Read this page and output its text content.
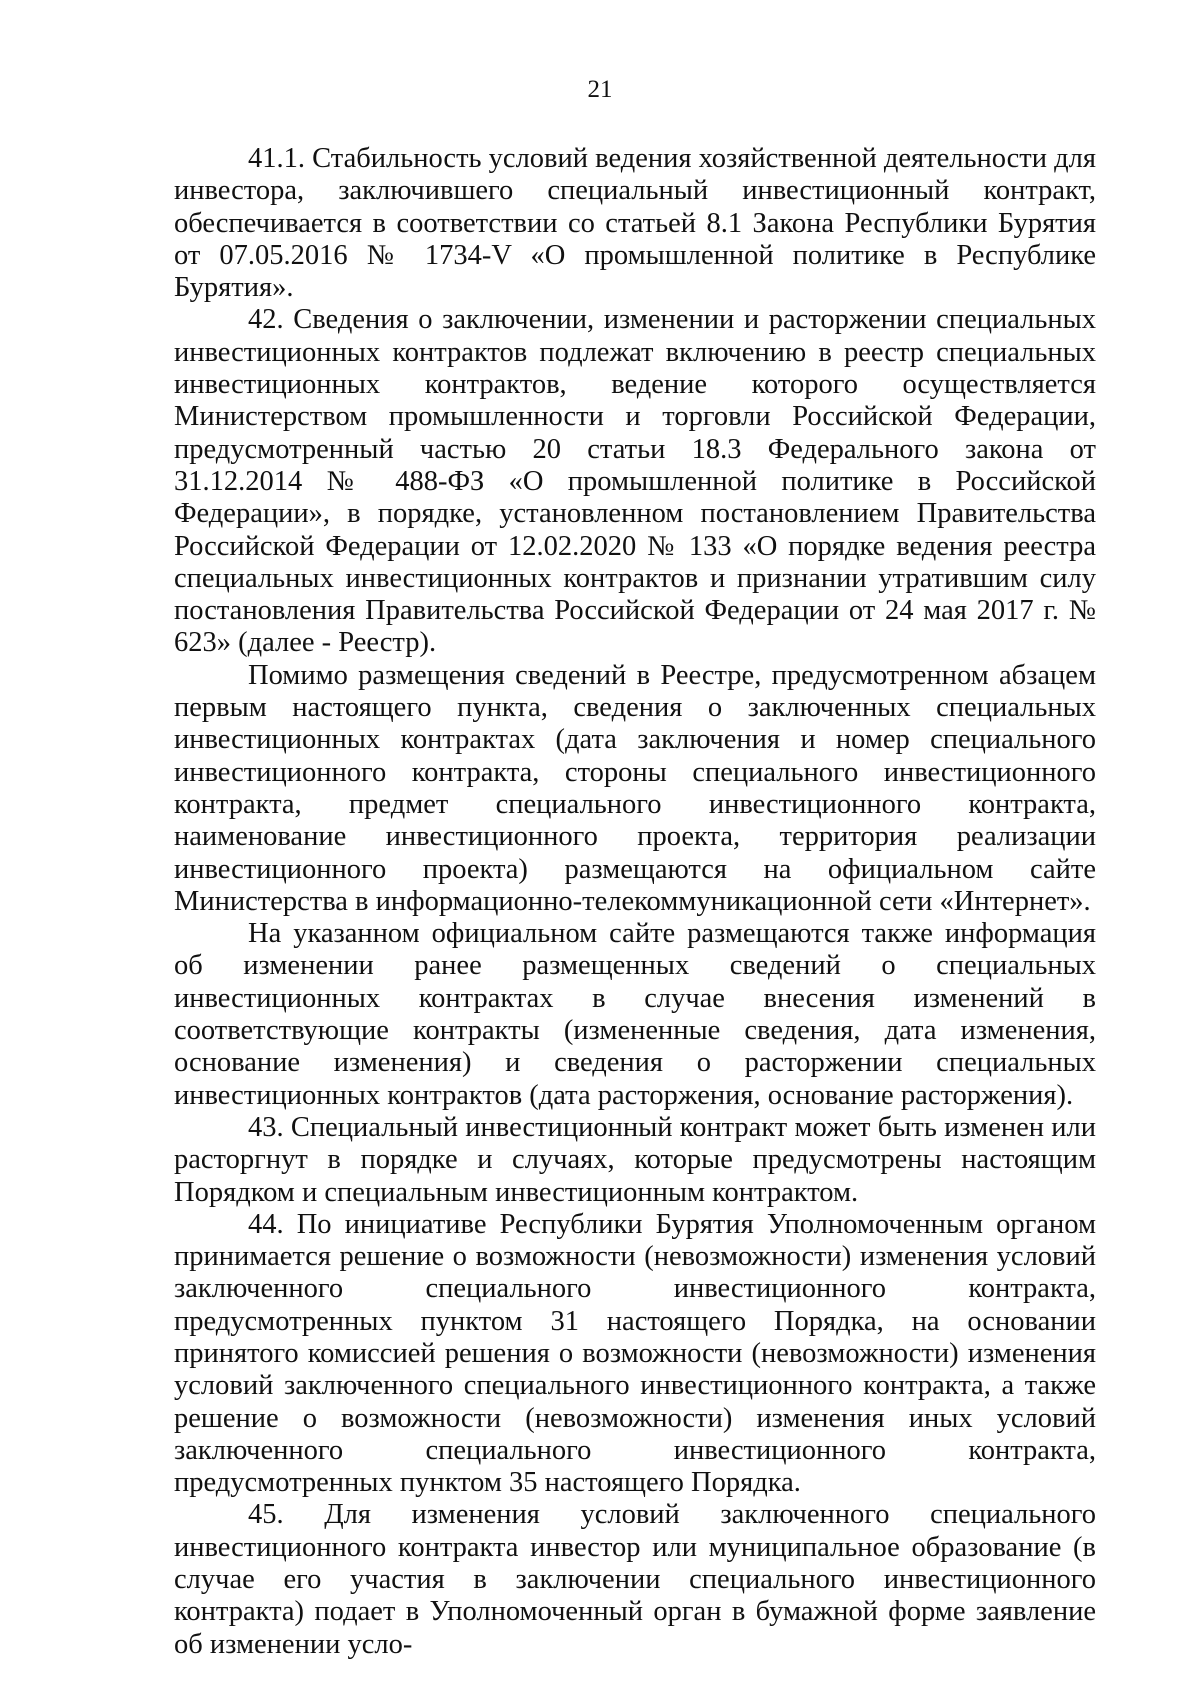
21

41.1. Стабильность условий ведения хозяйственной деятельности для инвестора, заключившего специальный инвестиционный контракт, обеспечивается в соответствии со статьей 8.1 Закона Республики Бурятия от 07.05.2016 № 1734-V «О промышленной политике в Республике Бурятия».

42. Сведения о заключении, изменении и расторжении специальных инвестиционных контрактов подлежат включению в реестр специальных инвестиционных контрактов, ведение которого осуществляется Министерством промышленности и торговли Российской Федерации, предусмотренный частью 20 статьи 18.3 Федерального закона от 31.12.2014 № 488-ФЗ «О промышленной политике в Российской Федерации», в порядке, установленном постановлением Правительства Российской Федерации от 12.02.2020 № 133 «О порядке ведения реестра специальных инвестиционных контрактов и признании утратившим силу постановления Правительства Российской Федерации от 24 мая 2017 г. № 623» (далее - Реестр).

Помимо размещения сведений в Реестре, предусмотренном абзацем первым настоящего пункта, сведения о заключенных специальных инвестиционных контрактах (дата заключения и номер специального инвестиционного контракта, стороны специального инвестиционного контракта, предмет специального инвестиционного контракта, наименование инвестиционного проекта, территория реализации инвестиционного проекта) размещаются на официальном сайте Министерства в информационно-телекоммуникационной сети «Интернет».

На указанном официальном сайте размещаются также информация об изменении ранее размещенных сведений о специальных инвестиционных контрактах в случае внесения изменений в соответствующие контракты (измененные сведения, дата изменения, основание изменения) и сведения о расторжении специальных инвестиционных контрактов (дата расторжения, основание расторжения).

43. Специальный инвестиционный контракт может быть изменен или расторгнут в порядке и случаях, которые предусмотрены настоящим Порядком и специальным инвестиционным контрактом.

44. По инициативе Республики Бурятия Уполномоченным органом принимается решение о возможности (невозможности) изменения условий заключенного специального инвестиционного контракта, предусмотренных пунктом 31 настоящего Порядка, на основании принятого комиссией решения о возможности (невозможности) изменения условий заключенного специального инвестиционного контракта, а также решение о возможности (невозможности) изменения иных условий заключенного специального инвестиционного контракта, предусмотренных пунктом 35 настоящего Порядка.

45. Для изменения условий заключенного специального инвестиционного контракта инвестор или муниципальное образование (в случае его участия в заключении специального инвестиционного контракта) подает в Уполномоченный орган в бумажной форме заявление об изменении усло-
